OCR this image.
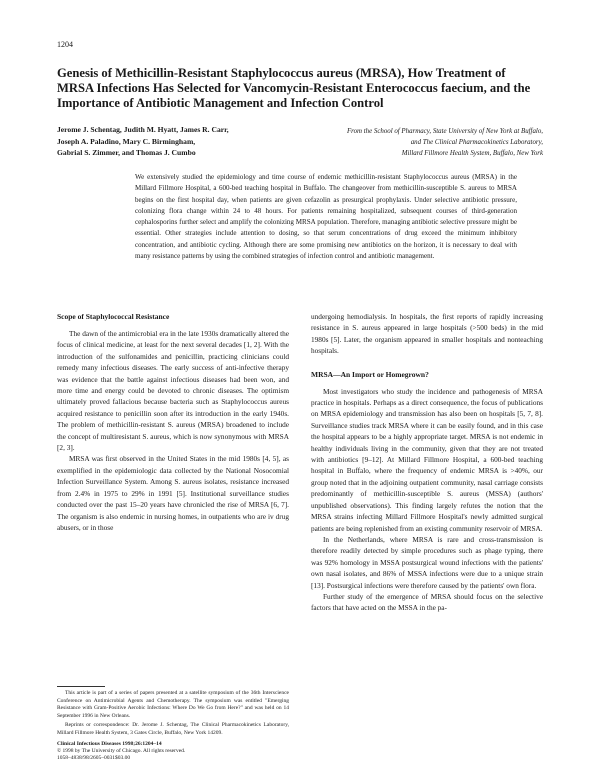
1204
Genesis of Methicillin-Resistant Staphylococcus aureus (MRSA), How Treatment of MRSA Infections Has Selected for Vancomycin-Resistant Enterococcus faecium, and the Importance of Antibiotic Management and Infection Control
Jerome J. Schentag, Judith M. Hyatt, James R. Carr,
Joseph A. Paladino, Mary C. Birmingham,
Gabrial S. Zimmer, and Thomas J. Cumbo
From the School of Pharmacy, State University of New York at Buffalo,
and The Clinical Pharmacokinetics Laboratory,
Millard Fillmore Health System, Buffalo, New York

We extensively studied the epidemiology and time course of endemic methicillin-resistant Staphylococcus aureus (MRSA) in the Millard Fillmore Hospital, a 600-bed teaching hospital in Buffalo. The changeover from methicillin-susceptible S. aureus to MRSA begins on the first hospital day, when patients are given cefazolin as presurgical prophylaxis. Under selective antibiotic pressure, colonizing flora change within 24 to 48 hours. For patients remaining hospitalized, subsequent courses of third-generation cephalosporins further select and amplify the colonizing MRSA population. Therefore, managing antibiotic selective pressure might be essential. Other strategies include attention to dosing, so that serum concentrations of drug exceed the minimum inhibitory concentration, and antibiotic cycling. Although there are some promising new antibiotics on the horizon, it is necessary to deal with many resistance patterns by using the combined strategies of infection control and antibiotic management.

Scope of Staphylococcal Resistance

The dawn of the antimicrobial era in the late 1930s dramatically altered the focus of clinical medicine, at least for the next several decades [1, 2]. With the introduction of the sulfonamides and penicillin, practicing clinicians could remedy many infectious diseases. The early success of anti-infective therapy was evidence that the battle against infectious diseases had been won, and more time and energy could be devoted to chronic diseases. The optimism ultimately proved fallacious because bacteria such as Staphylococcus aureus acquired resistance to penicillin soon after its introduction in the early 1940s. The problem of methicillin-resistant S. aureus (MRSA) broadened to include the concept of multiresistant S. aureus, which is now synonymous with MRSA [2, 3].

MRSA was first observed in the United States in the mid 1980s [4, 5], as exemplified in the epidemiologic data collected by the National Nosocomial Infection Surveillance System. Among S. aureus isolates, resistance increased from 2.4% in 1975 to 29% in 1991 [5]. Institutional surveillance studies conducted over the past 15–20 years have chronicled the rise of MRSA [6, 7]. The organism is also endemic in nursing homes, in outpatients who are iv drug abusers, or in those

This article is part of a series of papers presented at a satellite symposium of the 36th Interscience Conference on Antimicrobial Agents and Chemotherapy. The symposium was entitled "Emerging Resistance with Gram-Positive Aerobic Infections: Where Do We Go from Here?" and was held on 14 September 1996 in New Orleans.

Reprints or correspondence: Dr. Jerome J. Schentag, The Clinical Pharmacokinetics Laboratory, Millard Fillmore Health System, 3 Gates Circle, Buffalo, New York 14209.

Clinical Infectious Diseases 1998;26:1204–14
© 1998 by The University of Chicago. All rights reserved.
1058–4838/98/2605–0031$03.00

undergoing hemodialysis. In hospitals, the first reports of rapidly increasing resistance in S. aureus appeared in large hospitals (>500 beds) in the mid 1980s [5]. Later, the organism appeared in smaller hospitals and nonteaching hospitals.

MRSA—An Import or Homegrown?

Most investigators who study the incidence and pathogenesis of MRSA practice in hospitals. Perhaps as a direct consequence, the focus of publications on MRSA epidemiology and transmission has also been on hospitals [5, 7, 8]. Surveillance studies track MRSA where it can be easily found, and in this case the hospital appears to be a highly appropriate target. MRSA is not endemic in healthy individuals living in the community, given that they are not treated with antibiotics [9–12]. At Millard Fillmore Hospital, a 600-bed teaching hospital in Buffalo, where the frequency of endemic MRSA is >40%, our group noted that in the adjoining outpatient community, nasal carriage consists predominantly of methicillin-susceptible S. aureus (MSSA) (authors' unpublished observations). This finding largely refutes the notion that the MRSA strains infecting Millard Fillmore Hospital's newly admitted surgical patients are being replenished from an existing community reservoir of MRSA.

In the Netherlands, where MRSA is rare and cross-transmission is therefore readily detected by simple procedures such as phage typing, there was 92% homology in MSSA postsurgical wound infections with the patients' own nasal isolates, and 86% of MSSA infections were due to a unique strain [13]. Postsurgical infections were therefore caused by the patients' own flora.

Further study of the emergence of MRSA should focus on the selective factors that have acted on the MSSA in the pa-
